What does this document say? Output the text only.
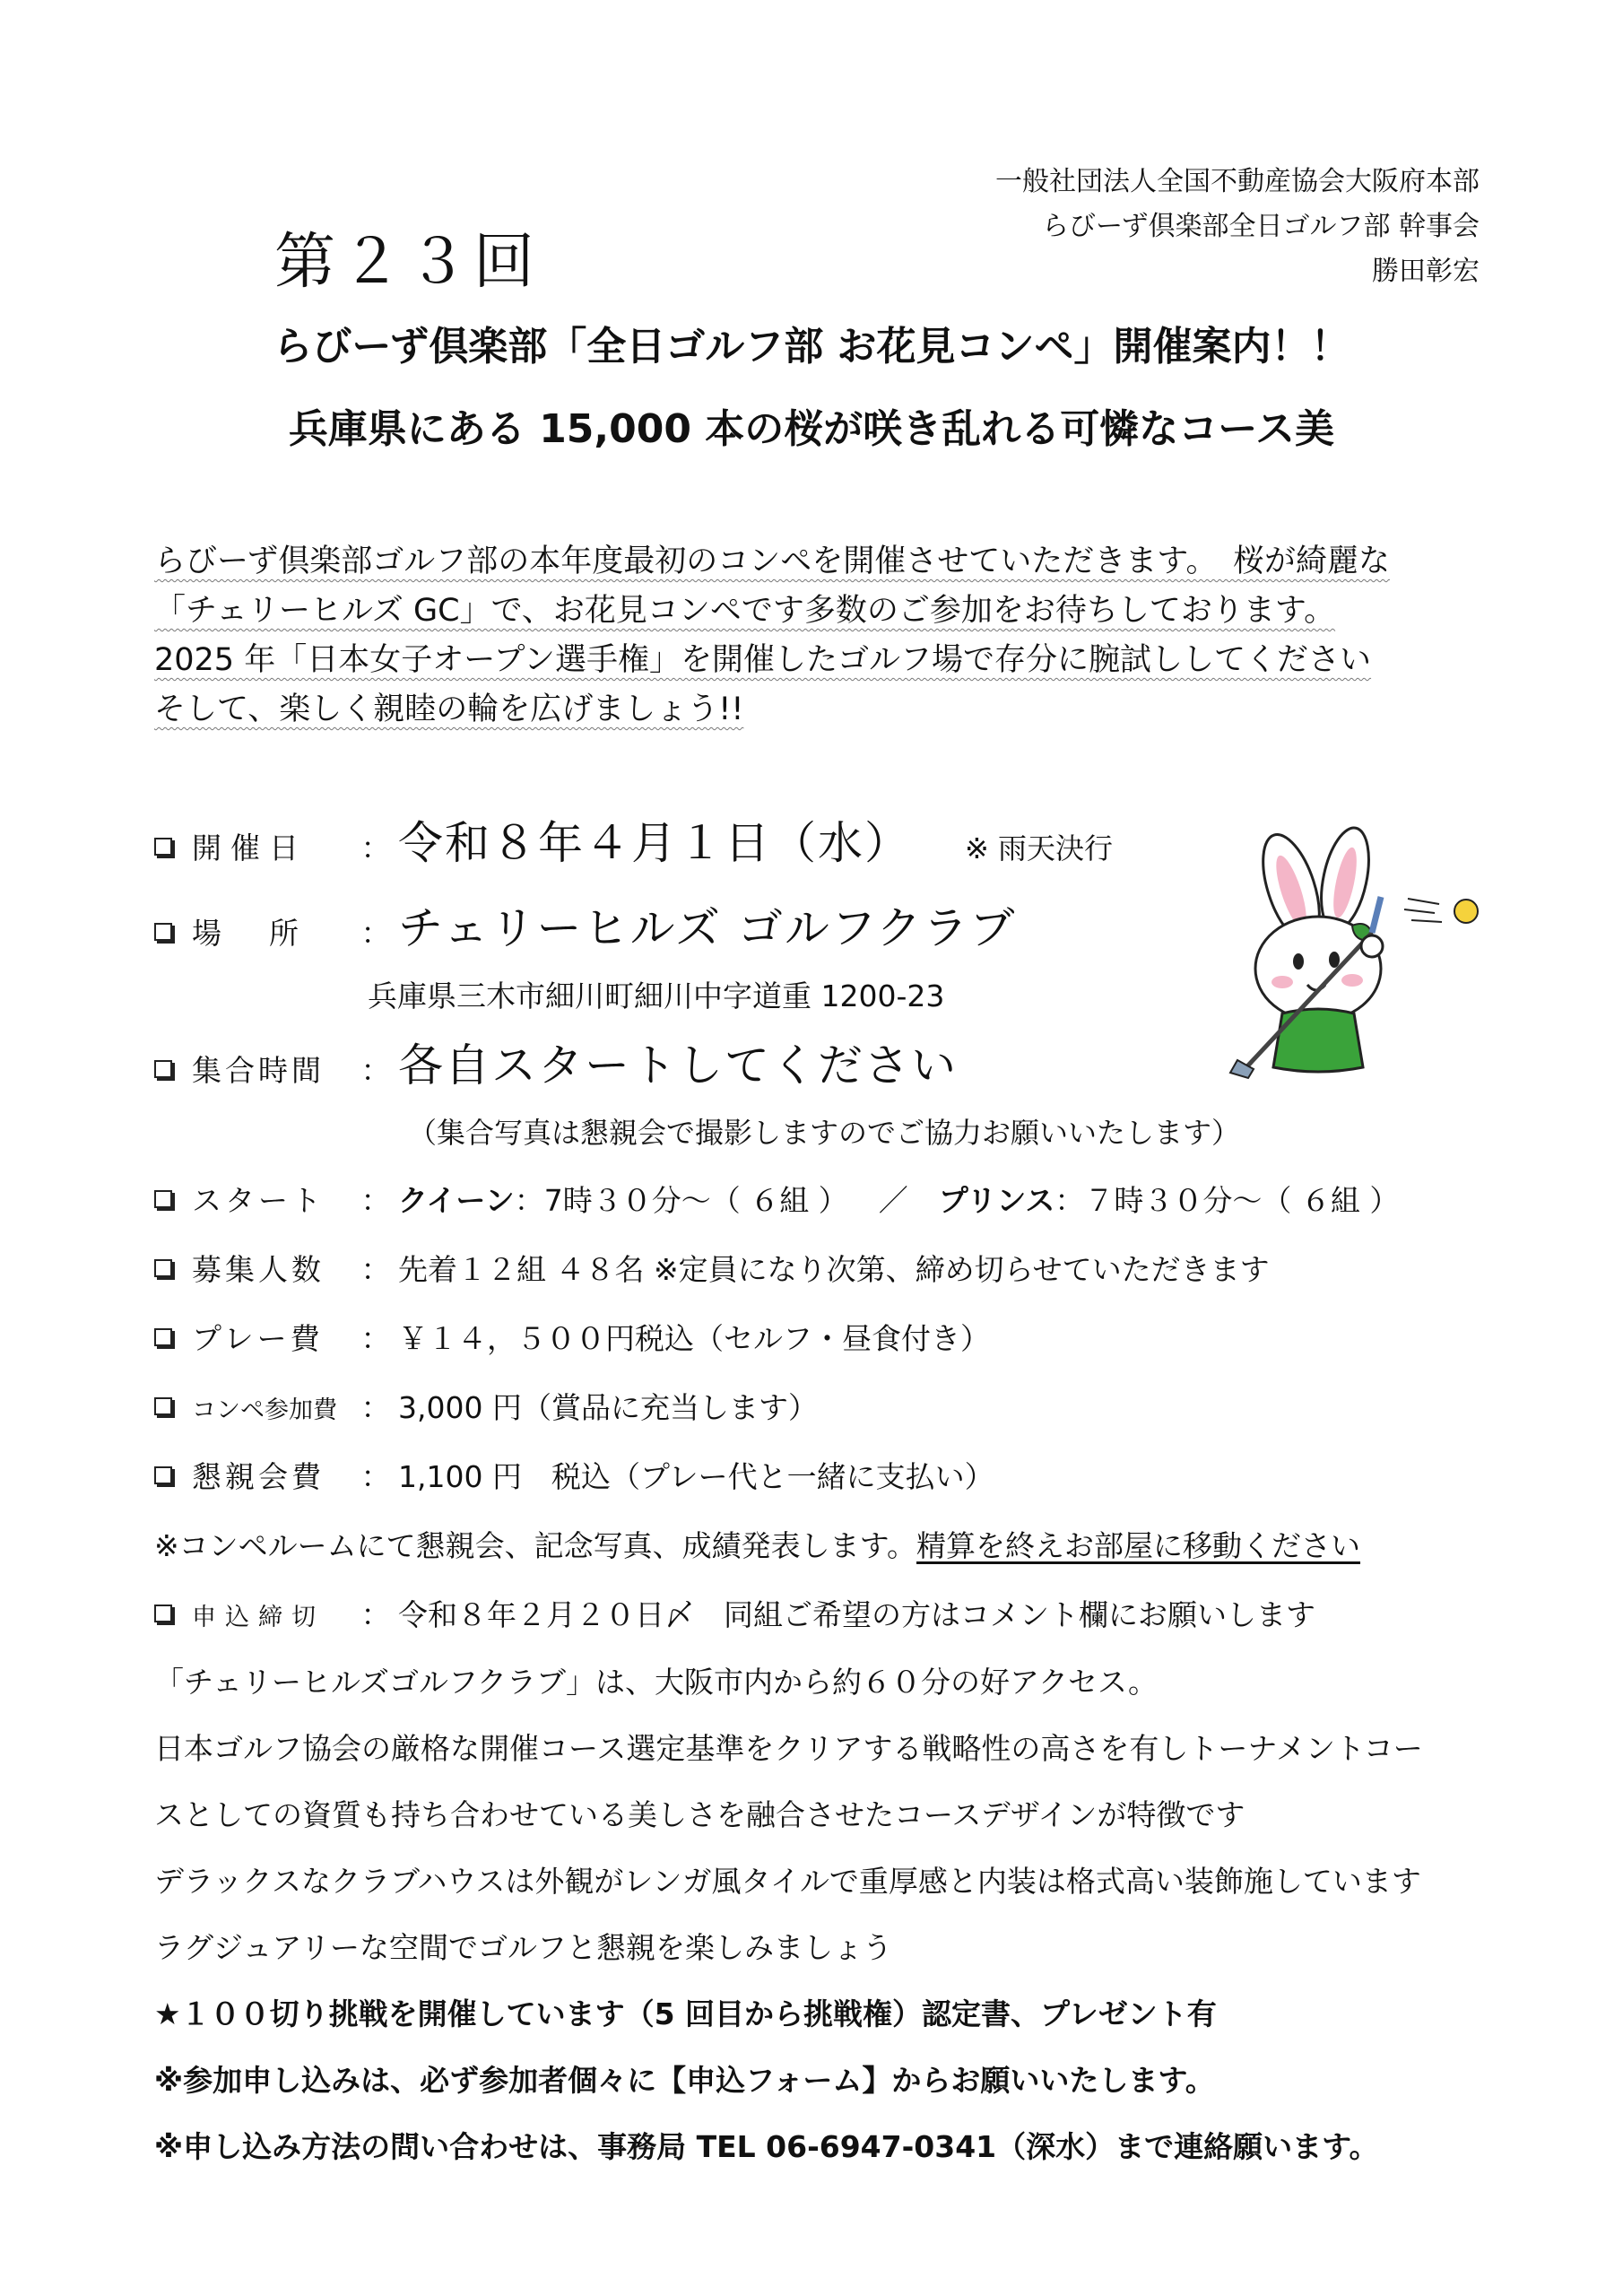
一般社団法人全国不動産協会大阪府本部
らびーず倶楽部全日ゴルフ部 幹事会
勝田彰宏
第２３回
らびーず倶楽部「全日ゴルフ部 お花見コンペ」開催案内！！
兵庫県にある 15,000 本の桜が咲き乱れる可憐なコース美
らびーず倶楽部ゴルフ部の本年度最初のコンペを開催させていただきます。　桜が綺麗な
「チェリーヒルズ GC」で、お花見コンペです多数のご参加をお待ちしております。
2025 年「日本女子オープン選手権」を開催したゴルフ場で存分に腕試ししてください
そして、楽しく親睦の輪を広げましょう!!
開催日	： 令和８年４月１日（水） ※ 雨天決行
場　所	： チェリーヒルズ ゴルフクラブ
兵庫県三木市細川町細川中字道重 1200-23
集合時間	： 各自スタートしてください
（集合写真は懇親会で撮影しますのでご協力お願いいたします）
スタート	： クイーン ：7時３０分～（ ６組 ） ／ プリンス ：７時３０分～（ ６組 ）
募集人数	： 先着１２組 ４８名 ※定員になり次第、締め切らせていただきます
プレー費	： ￥１４，５００円税込（セルフ・昼食付き）
コンペ参加費 ： 3,000 円（賞品に充当します）
懇親会費	： 1,100 円　税込（プレー代と一緒に支払い）
※コンペルームにて懇親会、記念写真、成績発表します。精算を終えお部屋に移動ください
申込締切	： 令和８年２月２０日〆　同組ご希望の方はコメント欄にお願いします
「チェリーヒルズゴルフクラブ」は、大阪市内から約６０分の好アクセス。
日本ゴルフ協会の厳格な開催コース選定基準をクリアする戦略性の高さを有しトーナメントコー
スとしての資質も持ち合わせている美しさを融合させたコースデザインが特徴です
デラックスなクラブハウスは外観がレンガ風タイルで重厚感と内装は格式高い装飾施しています
ラグジュアリーな空間でゴルフと懇親を楽しみましょう
★１００切り挑戦を開催しています（5 回目から挑戦権）認定書、プレゼント有
※参加申し込みは、必ず参加者個々に【申込フォーム】からお願いいたします。
※申し込み方法の問い合わせは、事務局 TEL 06-6947-0341（深水）まで連絡願います。
